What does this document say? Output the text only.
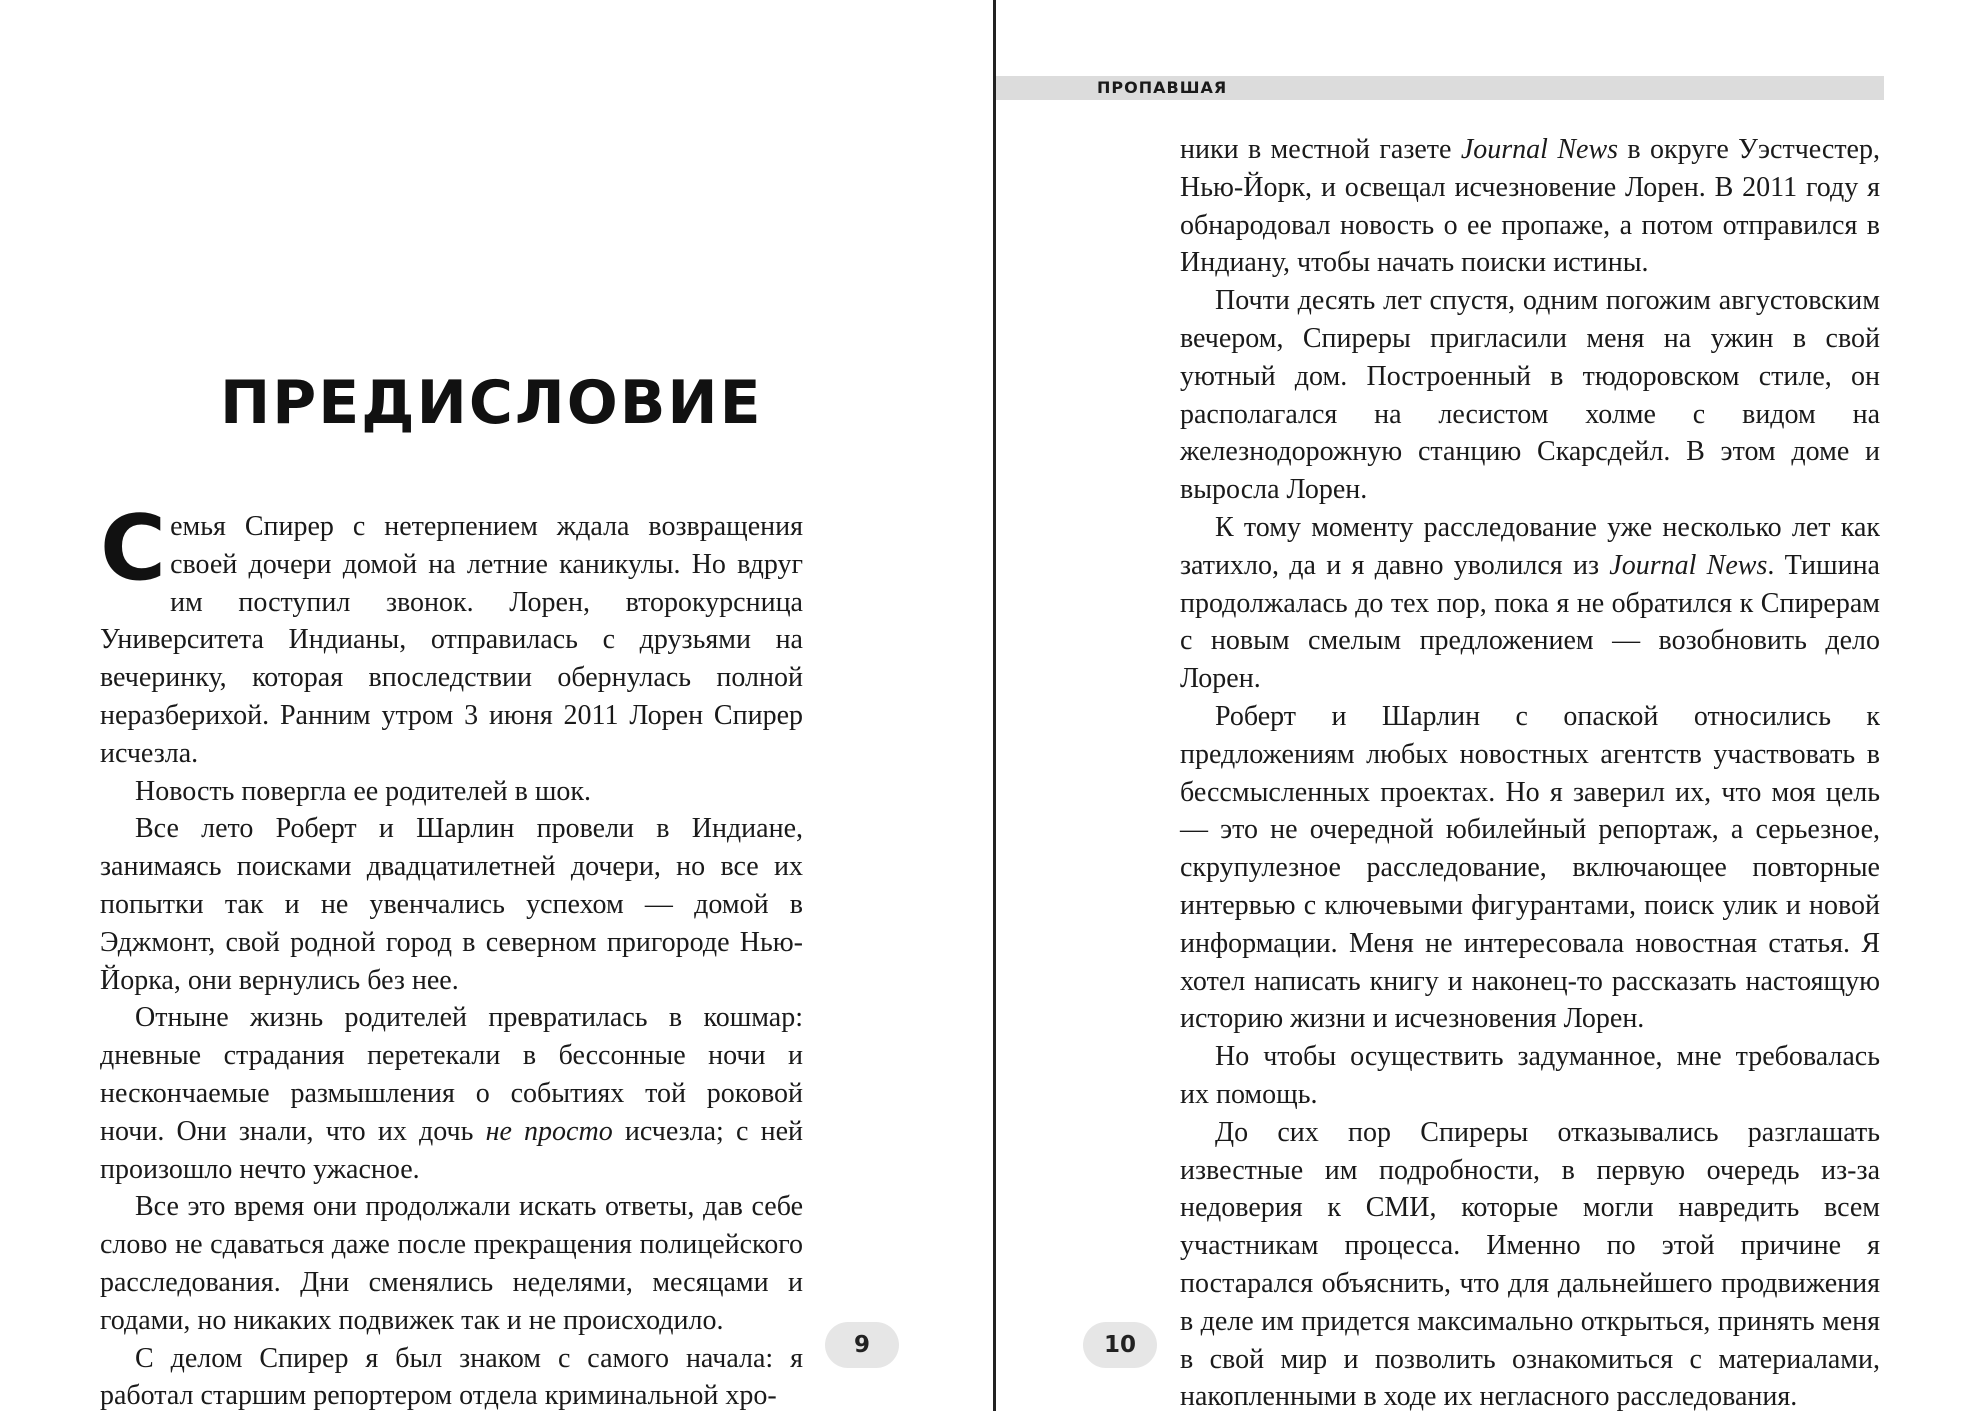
ПРЕДИСЛОВИЕ

Семья Спирер с нетерпением ждала возвращения своей дочери домой на летние каникулы. Но вдруг им поступил звонок. Лорен, второкурсница Университета Индианы, отправилась с друзьями на вечеринку, которая впоследствии обернулась полной неразберихой. Ранним утром 3 июня 2011 Лорен Спирер исчезла.

Новость повергла ее родителей в шок.

Все лето Роберт и Шарлин провели в Индиане, занимаясь поисками двадцатилетней дочери, но все их попытки так и не увенчались успехом — домой в Эджмонт, свой родной город в северном пригороде Нью-Йорка, они вернулись без нее.

Отныне жизнь родителей превратилась в кошмар: дневные страдания перетекали в бессонные ночи и нескончаемые размышления о событиях той роковой ночи. Они знали, что их дочь не просто исчезла; с ней произошло нечто ужасное.

Все это время они продолжали искать ответы, дав себе слово не сдаваться даже после прекращения полицейского расследования. Дни сменялись неделями, месяцами и годами, но никаких подвижек так и не происходило.

С делом Спирер я был знаком с самого начала: я работал старшим репортером отдела криминальной хро-

9
ПРОПАВШАЯ

ники в местной газете Journal News в округе Уэстчестер, Нью-Йорк, и освещал исчезновение Лорен. В 2011 году я обнародовал новость о ее пропаже, а потом отправился в Индиану, чтобы начать поиски истины.

Почти десять лет спустя, одним погожим августовским вечером, Спиреры пригласили меня на ужин в свой уютный дом. Построенный в тюдоровском стиле, он располагался на лесистом холме с видом на железнодорожную станцию Скарсдейл. В этом доме и выросла Лорен.

К тому моменту расследование уже несколько лет как затихло, да и я давно уволился из Journal News. Тишина продолжалась до тех пор, пока я не обратился к Спирерам с новым смелым предложением — возобновить дело Лорен.

Роберт и Шарлин с опаской относились к предложениям любых новостных агентств участвовать в бессмысленных проектах. Но я заверил их, что моя цель — это не очередной юбилейный репортаж, а серьезное, скрупулезное расследование, включающее повторные интервью с ключевыми фигурантами, поиск улик и новой информации. Меня не интересовала новостная статья. Я хотел написать книгу и наконец-то рассказать настоящую историю жизни и исчезновения Лорен.

Но чтобы осуществить задуманное, мне требовалась их помощь.

До сих пор Спиреры отказывались разглашать известные им подробности, в первую очередь из-за недоверия к СМИ, которые могли навредить всем участникам процесса. Именно по этой причине я постарался объяснить, что для дальнейшего продвижения в деле им придется максимально открыться, принять меня в свой мир и позволить ознакомиться с материалами, накопленными в ходе их негласного расследования.

10
